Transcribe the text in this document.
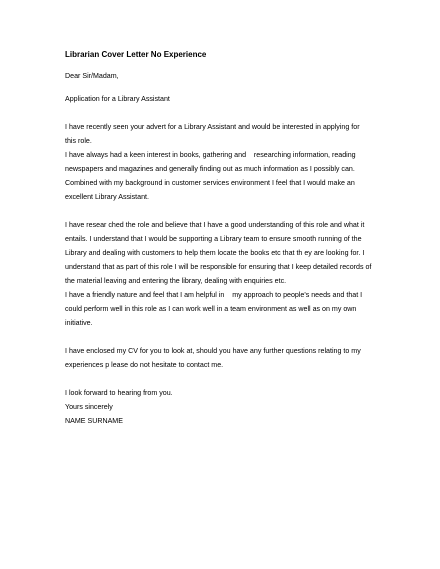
Librarian Cover Letter No Experience
Dear Sir/Madam,
Application for a Library Assistant
I have recently seen your advert for a Library Assistant and would be interested in applying for
this role.
I have always had a keen interest in books, gathering and    researching information, reading
newspapers and magazines and generally finding out as much information as I possibly can.
Combined with my background in customer services environment I feel that I would make an
excellent Library Assistant.
I have resear ched the role and believe that I have a good understanding of this role and what it
entails. I understand that I would be supporting a Library team to ensure smooth running of the
Library and dealing with customers to help them locate the books etc that th ey are looking for. I
understand that as part of this role I will be responsible for ensuring that I keep detailed records of
the material leaving and entering the library, dealing with enquiries etc.
I have a friendly nature and feel that I am helpful in    my approach to people's needs and that I
could perform well in this role as I can work well in a team environment as well as on my own
initiative.
I have enclosed my CV for you to look at, should you have any further questions relating to my
experiences p lease do not hesitate to contact me.
I look forward to hearing from you.
Yours sincerely
NAME SURNAME
